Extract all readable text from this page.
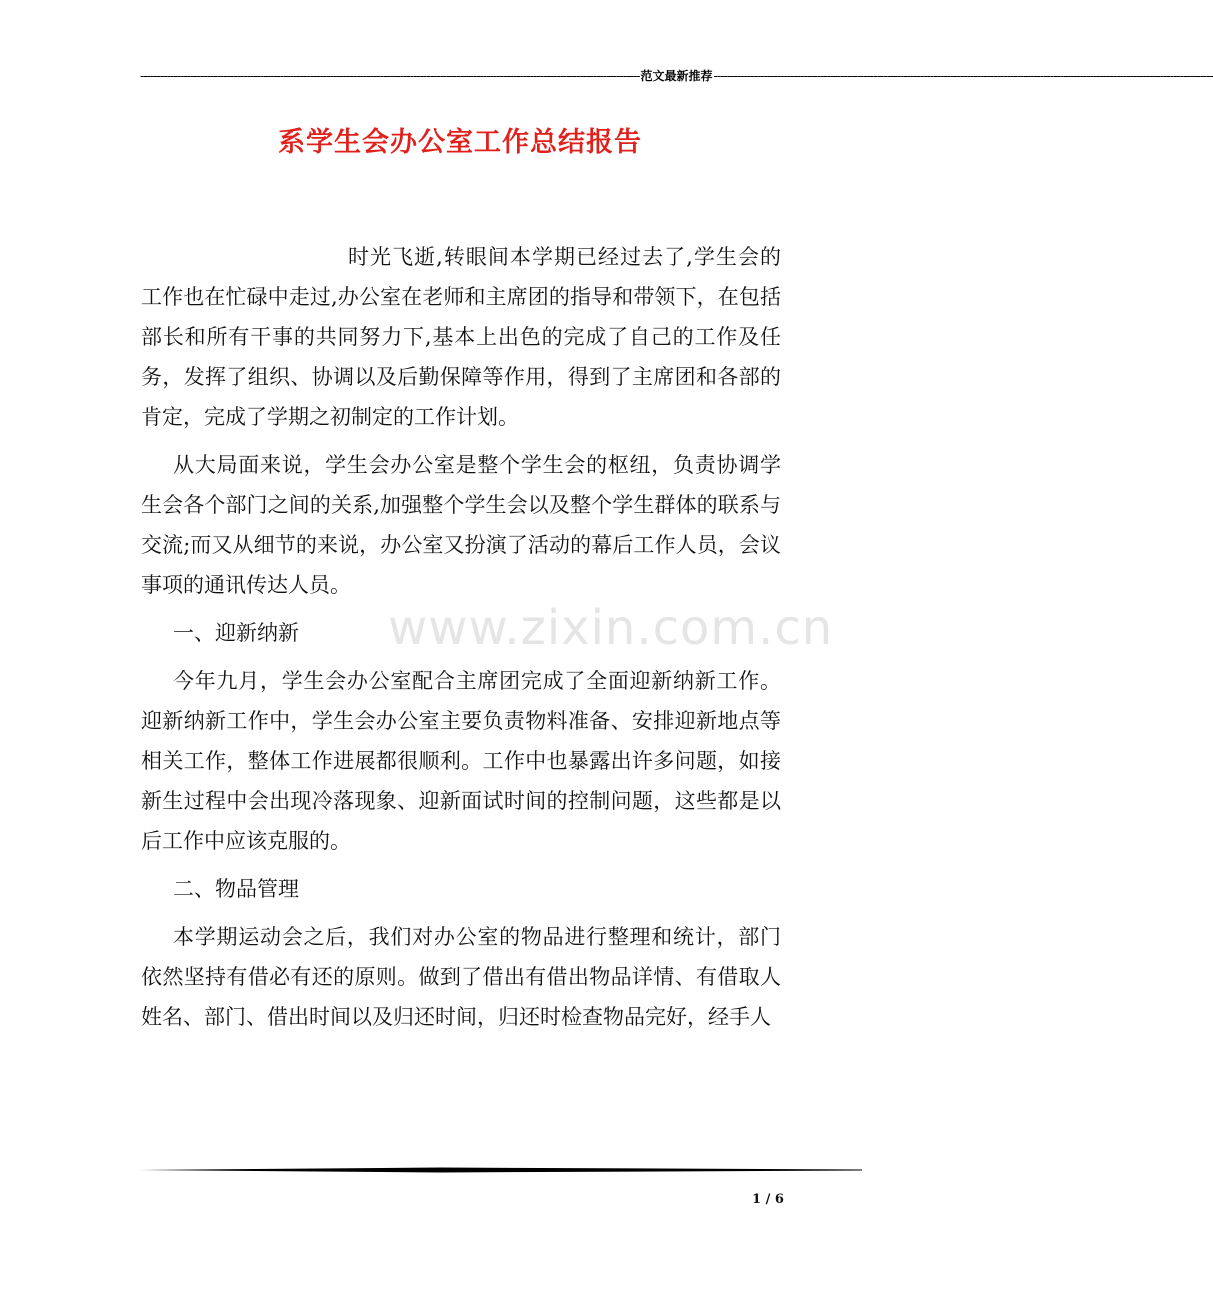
------------------------------------------------------------------------------------------------------------------------------------------------------ 范文最新推荐 ------------------------------------------------------------------------------------------------------------------------------------------------------
系学生会办公室工作总结报告

时光飞逝,转眼间本学期已经过去了,学生会的工作也在忙碌中走过,办公室在老师和主席团的指导和带领下，在包括部长和所有干事的共同努力下,基本上出色的完成了自己的工作及任务，发挥了组织、协调以及后勤保障等作用，得到了主席团和各部的肯定，完成了学期之初制定的工作计划。

从大局面来说，学生会办公室是整个学生会的枢纽，负责协调学生会各个部门之间的关系,加强整个学生会以及整个学生群体的联系与交流;而又从细节的来说，办公室又扮演了活动的幕后工作人员，会议事项的通讯传达人员。

一、迎新纳新

今年九月，学生会办公室配合主席团完成了全面迎新纳新工作。迎新纳新工作中，学生会办公室主要负责物料准备、安排迎新地点等相关工作，整体工作进展都很顺利。工作中也暴露出许多问题，如接新生过程中会出现冷落现象、迎新面试时间的控制问题，这些都是以后工作中应该克服的。

二、物品管理

本学期运动会之后，我们对办公室的物品进行整理和统计，部门依然坚持有借必有还的原则。做到了借出有借出物品详情、有借取人姓名、部门、借出时间以及归还时间，归还时检查物品完好，经手人

www.zixin.com.cn
1 / 6
